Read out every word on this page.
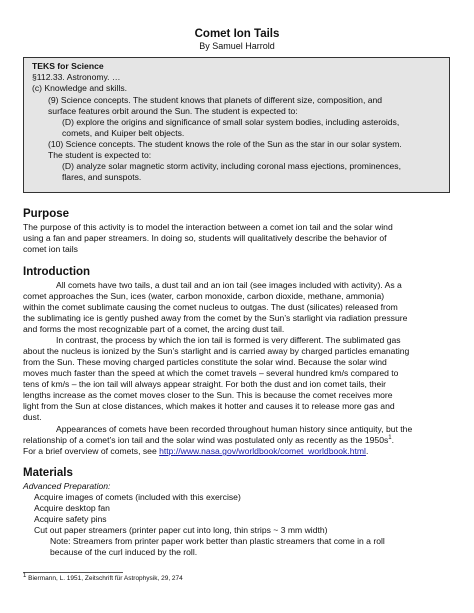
Comet Ion Tails
By Samuel Harrold
TEKS for Science
§112.33. Astronomy. …
(c) Knowledge and skills.
(9) Science concepts. The student knows that planets of different size, composition, and
surface features orbit around the Sun. The student is expected to:
(D) explore the origins and significance of small solar system bodies, including asteroids,
comets, and Kuiper belt objects.
(10) Science concepts. The student knows the role of the Sun as the star in our solar system.
The student is expected to:
(D) analyze solar magnetic storm activity, including coronal mass ejections, prominences,
flares, and sunspots.
Purpose
The purpose of this activity is to model the interaction between a comet ion tail and the solar wind
using a fan and paper streamers. In doing so, students will qualitatively describe the behavior of
comet ion tails
Introduction
All comets have two tails, a dust tail and an ion tail (see images included with activity). As a
comet approaches the Sun, ices (water, carbon monoxide, carbon dioxide, methane, ammonia)
within the comet sublimate causing the comet nucleus to outgas. The dust (silicates) released from
the sublimating ice is gently pushed away from the comet by the Sun’s starlight via radiation pressure
and forms the most recognizable part of a comet, the arcing dust tail.
In contrast, the process by which the ion tail is formed is very different. The sublimated gas
about the nucleus is ionized by the Sun’s starlight and is carried away by charged particles emanating
from the Sun. These moving charged particles constitute the solar wind. Because the solar wind
moves much faster than the speed at which the comet travels – several hundred km/s compared to
tens of km/s – the ion tail will always appear straight. For both the dust and ion comet tails, their
lengths increase as the comet moves closer to the Sun. This is because the comet receives more
light from the Sun at close distances, which makes it hotter and causes it to release more gas and
dust.
Appearances of comets have been recorded throughout human history since antiquity, but the
relationship of a comet’s ion tail and the solar wind was postulated only as recently as the $1950s^1$.
For a brief overview of comets, see http://www.nasa.gov/worldbook/comet_worldbook.html.
Materials
Advanced Preparation:
Acquire images of comets (included with this exercise)
Acquire desktop fan
Acquire safety pins
Cut out paper streamers (printer paper cut into long, thin strips ~ 3 mm width)
Note: Streamers from printer paper work better than plastic streamers that come in a roll
because of the curl induced by the roll.
$^1$ Biermann, L. 1951, Zeitschrift für Astrophysik, 29, 274
